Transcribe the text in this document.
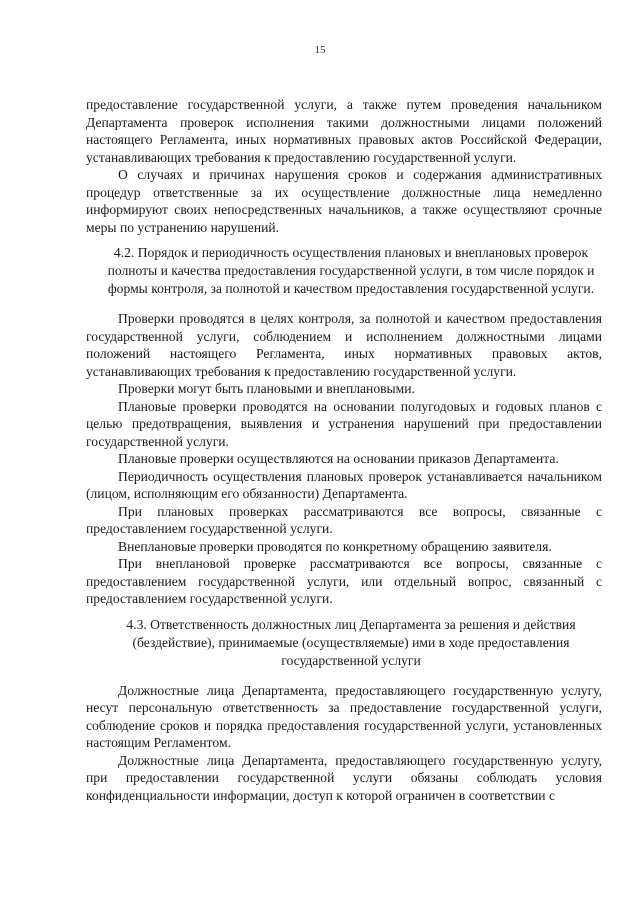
15

предоставление государственной услуги, а также путем проведения начальником Департамента проверок исполнения такими должностными лицами положений настоящего Регламента, иных нормативных правовых актов Российской Федерации, устанавливающих требования к предоставлению государственной услуги.

О случаях и причинах нарушения сроков и содержания административных процедур ответственные за их осуществление должностные лица немедленно информируют своих непосредственных начальников, а также осуществляют срочные меры по устранению нарушений.

4.2. Порядок и периодичность осуществления плановых и внеплановых проверок полноты и качества предоставления государственной услуги, в том числе порядок и формы контроля, за полнотой и качеством предоставления государственной услуги.

Проверки проводятся в целях контроля, за полнотой и качеством предоставления государственной услуги, соблюдением и исполнением должностными лицами положений настоящего Регламента, иных нормативных правовых актов, устанавливающих требования к предоставлению государственной услуги.

Проверки могут быть плановыми и внеплановыми.

Плановые проверки проводятся на основании полугодовых и годовых планов с целью предотвращения, выявления и устранения нарушений при предоставлении государственной услуги.

Плановые проверки осуществляются на основании приказов Департамента.

Периодичность осуществления плановых проверок устанавливается начальником (лицом, исполняющим его обязанности) Департамента.

При плановых проверках рассматриваются все вопросы, связанные с предоставлением государственной услуги.

Внеплановые проверки проводятся по конкретному обращению заявителя.

При внеплановой проверке рассматриваются все вопросы, связанные с предоставлением государственной услуги, или отдельный вопрос, связанный с предоставлением государственной услуги.

4.3. Ответственность должностных лиц Департамента за решения и действия (бездействие), принимаемые (осуществляемые) ими в ходе предоставления государственной услуги

Должностные лица Департамента, предоставляющего государственную услугу, несут персональную ответственность за предоставление государственной услуги, соблюдение сроков и порядка предоставления государственной услуги, установленных настоящим Регламентом.

Должностные лица Департамента, предоставляющего государственную услугу, при предоставлении государственной услуги обязаны соблюдать условия конфиденциальности информации, доступ к которой ограничен в соответствии с
